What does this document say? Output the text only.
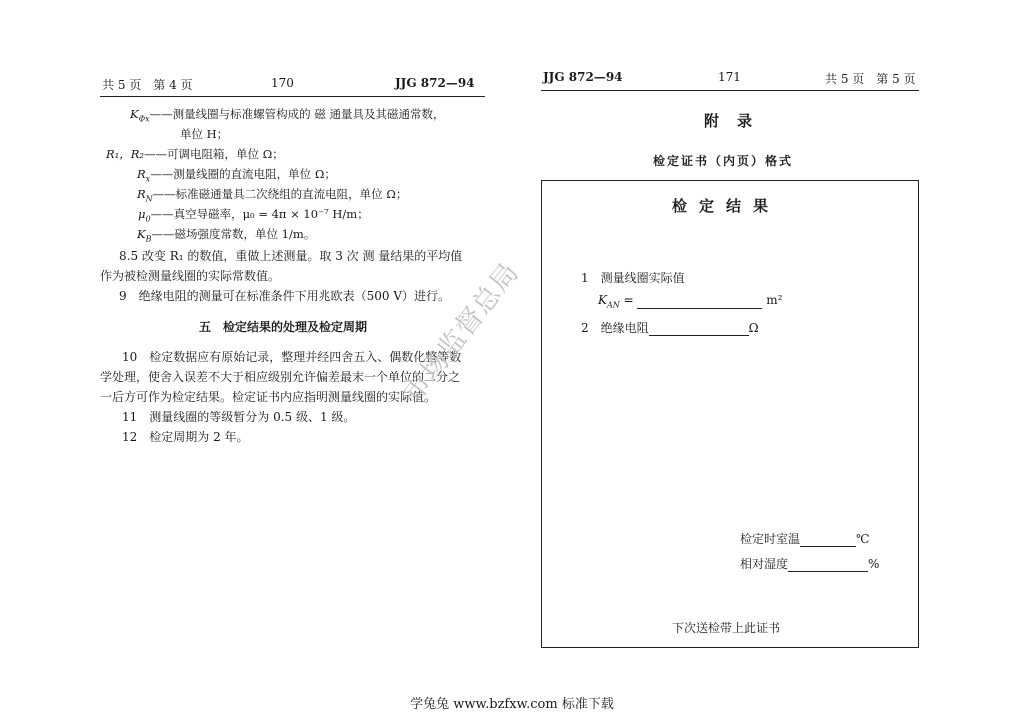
共 5 页　第 4 页	170	JJG 872—94
$K_{\Phi x}——$测量线圈与标准螺管构成的 磁 通量具及其磁通常数，
单位 H；
R₁，R₂——可调电阻箱，单位 Ω；
$R_x——$测量线圈的直流电阻，单位 Ω；
$R_N——$标准磁通量具二次绕组的直流电阻，单位 Ω；
$\mu_0——$真空导磁率，μ₀ = 4π × 10⁻⁷ H/m；
$K_B——$磁场强度常数，单位 1/m。
8.5 改变 R₁ 的数值，重做上述测量。取 3 次 测 量结果的平均值
作为被检测量线圈的实际常数值。
9　绝缘电阻的测量可在标准条件下用兆欧表（500 V）进行。
五　检定结果的处理及检定周期
10　检定数据应有原始记录，整理并经四舍五入、偶数化整等数
学处理，使舍入误差不大于相应级别允许偏差最末一个单位的二分之
一后方可作为检定结果。检定证书内应指明测量线圈的实际值。
11　测量线圈的等级暂分为 0.5 级、1 级。
12　检定周期为 2 年。
JJG 872—94	171	共 5 页　第 5 页
附录
检定证书（内页）格式
检定结果
1　测量线圈实际值
$K_{AN}$ =	m²
2　绝缘电阻	Ω
检定时室温	℃
相对湿度	%
下次送检带上此证书
市场监督总局
学兔兔 www.bzfxw.com 标准下载
